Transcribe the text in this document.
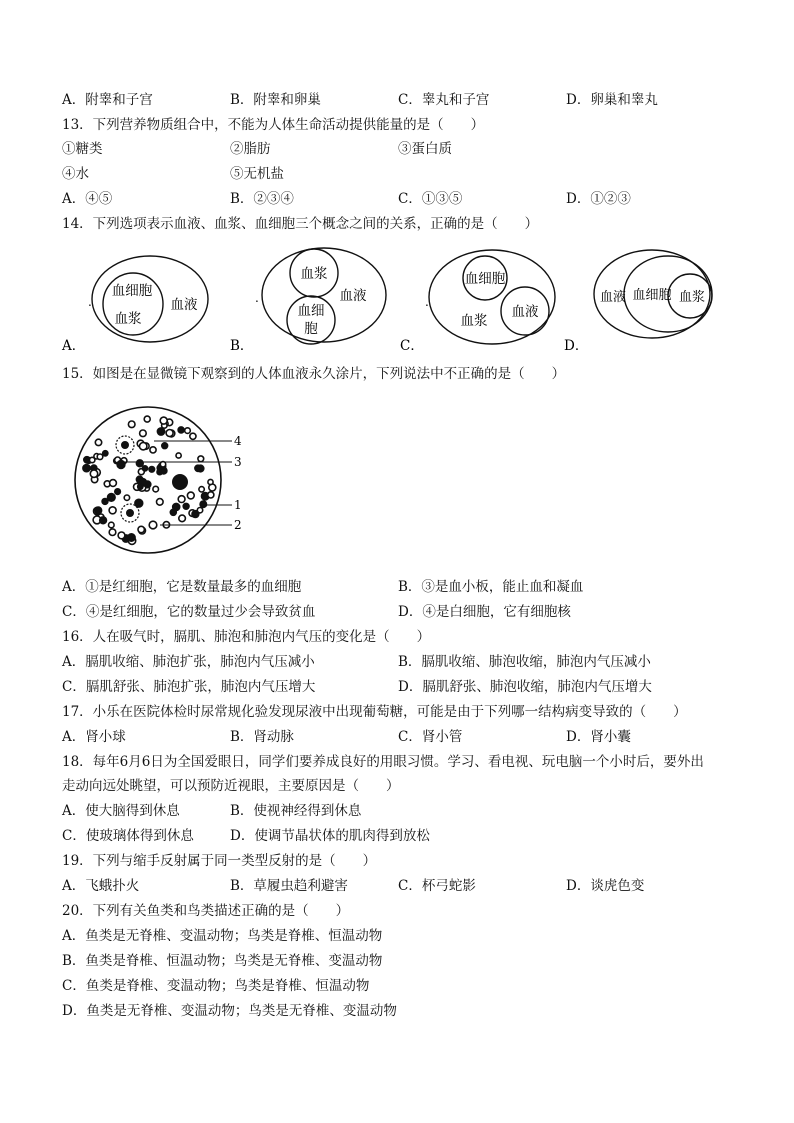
A．附睾和子宫	B．附睾和卵巢	C．睾丸和子宫	D．卵巢和睾丸
13．下列营养物质组合中，不能为人体生命活动提供能量的是（　　）
①糖类	②脂肪	③蛋白质
④水	⑤无机盐
A．④⑤	B．②③④	C．①③⑤	D．①②③
14．下列选项表示血液、血浆、血细胞三个概念之间的关系，正确的是（　　）
.	血液
血细胞
血浆
A．
.
血浆
血液
血细
胞
B．
.
血细胞
血浆
血液
C．
血液 血细胞 血浆
D．
15．如图是在显微镜下观察到的人体血液永久涂片，下列说法中不正确的是（　　）
4
3
1
2
A．①是红细胞，它是数量最多的血细胞	B．③是血小板，能止血和凝血
C．④是红细胞，它的数量过少会导致贫血	D．④是白细胞，它有细胞核
16．人在吸气时，膈肌、肺泡和肺泡内气压的变化是（　　）
A．膈肌收缩、肺泡扩张，肺泡内气压减小	B．膈肌收缩、肺泡收缩，肺泡内气压减小
C．膈肌舒张、肺泡扩张，肺泡内气压增大	D．膈肌舒张、肺泡收缩，肺泡内气压增大
17．小乐在医院体检时尿常规化验发现尿液中出现葡萄糖，可能是由于下列哪一结构病变导致的（　　）
A．肾小球	B．肾动脉	C．肾小管	D．肾小囊
18．每年6月6日为全国爱眼日，同学们要养成良好的用眼习惯。学习、看电视、玩电脑一个小时后，要外出
走动向远处眺望，可以预防近视眼，主要原因是（　　）
A．使大脑得到休息	B．使视神经得到休息
C．使玻璃体得到休息	D．使调节晶状体的肌肉得到放松
19．下列与缩手反射属于同一类型反射的是（　　）
A．飞蛾扑火	B．草履虫趋利避害	C．杯弓蛇影	D．谈虎色变
20．下列有关鱼类和鸟类描述正确的是（　　）
A．鱼类是无脊椎、变温动物；鸟类是脊椎、恒温动物
B．鱼类是脊椎、恒温动物；鸟类是无脊椎、变温动物
C．鱼类是脊椎、变温动物；鸟类是脊椎、恒温动物
D．鱼类是无脊椎、变温动物；鸟类是无脊椎、变温动物
